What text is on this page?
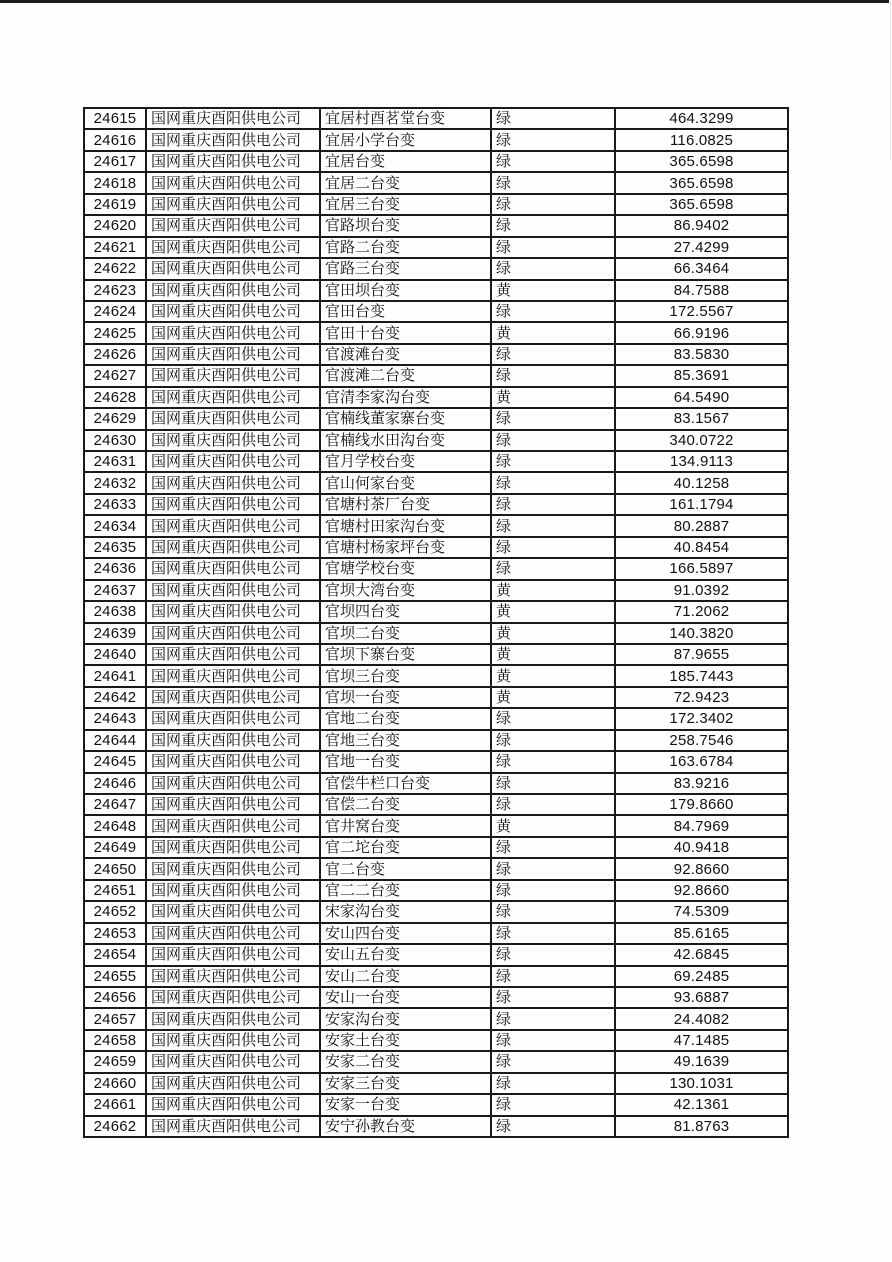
24615	国网重庆酉阳供电公司	宜居村酉茗堂台变	绿	464.3299
24616	国网重庆酉阳供电公司	宜居小学台变	绿	116.0825
24617	国网重庆酉阳供电公司	宜居台变	绿	365.6598
24618	国网重庆酉阳供电公司	宜居二台变	绿	365.6598
24619	国网重庆酉阳供电公司	宜居三台变	绿	365.6598
24620	国网重庆酉阳供电公司	官路坝台变	绿	86.9402
24621	国网重庆酉阳供电公司	官路二台变	绿	27.4299
24622	国网重庆酉阳供电公司	官路三台变	绿	66.3464
24623	国网重庆酉阳供电公司	官田坝台变	黄	84.7588
24624	国网重庆酉阳供电公司	官田台变	绿	172.5567
24625	国网重庆酉阳供电公司	官田十台变	黄	66.9196
24626	国网重庆酉阳供电公司	官渡滩台变	绿	83.5830
24627	国网重庆酉阳供电公司	官渡滩二台变	绿	85.3691
24628	国网重庆酉阳供电公司	官清李家沟台变	黄	64.5490
24629	国网重庆酉阳供电公司	官楠线董家寨台变	绿	83.1567
24630	国网重庆酉阳供电公司	官楠线水田沟台变	绿	340.0722
24631	国网重庆酉阳供电公司	官月学校台变	绿	134.9113
24632	国网重庆酉阳供电公司	官山何家台变	绿	40.1258
24633	国网重庆酉阳供电公司	官塘村茶厂台变	绿	161.1794
24634	国网重庆酉阳供电公司	官塘村田家沟台变	绿	80.2887
24635	国网重庆酉阳供电公司	官塘村杨家坪台变	绿	40.8454
24636	国网重庆酉阳供电公司	官塘学校台变	绿	166.5897
24637	国网重庆酉阳供电公司	官坝大湾台变	黄	91.0392
24638	国网重庆酉阳供电公司	官坝四台变	黄	71.2062
24639	国网重庆酉阳供电公司	官坝二台变	黄	140.3820
24640	国网重庆酉阳供电公司	官坝下寨台变	黄	87.9655
24641	国网重庆酉阳供电公司	官坝三台变	黄	185.7443
24642	国网重庆酉阳供电公司	官坝一台变	黄	72.9423
24643	国网重庆酉阳供电公司	官地二台变	绿	172.3402
24644	国网重庆酉阳供电公司	官地三台变	绿	258.7546
24645	国网重庆酉阳供电公司	官地一台变	绿	163.6784
24646	国网重庆酉阳供电公司	官偿牛栏口台变	绿	83.9216
24647	国网重庆酉阳供电公司	官偿二台变	绿	179.8660
24648	国网重庆酉阳供电公司	官井窝台变	黄	84.7969
24649	国网重庆酉阳供电公司	官二坨台变	绿	40.9418
24650	国网重庆酉阳供电公司	官二台变	绿	92.8660
24651	国网重庆酉阳供电公司	官二二台变	绿	92.8660
24652	国网重庆酉阳供电公司	宋家沟台变	绿	74.5309
24653	国网重庆酉阳供电公司	安山四台变	绿	85.6165
24654	国网重庆酉阳供电公司	安山五台变	绿	42.6845
24655	国网重庆酉阳供电公司	安山二台变	绿	69.2485
24656	国网重庆酉阳供电公司	安山一台变	绿	93.6887
24657	国网重庆酉阳供电公司	安家沟台变	绿	24.4082
24658	国网重庆酉阳供电公司	安家土台变	绿	47.1485
24659	国网重庆酉阳供电公司	安家二台变	绿	49.1639
24660	国网重庆酉阳供电公司	安家三台变	绿	130.1031
24661	国网重庆酉阳供电公司	安家一台变	绿	42.1361
24662	国网重庆酉阳供电公司	安宁孙教台变	绿	81.8763
